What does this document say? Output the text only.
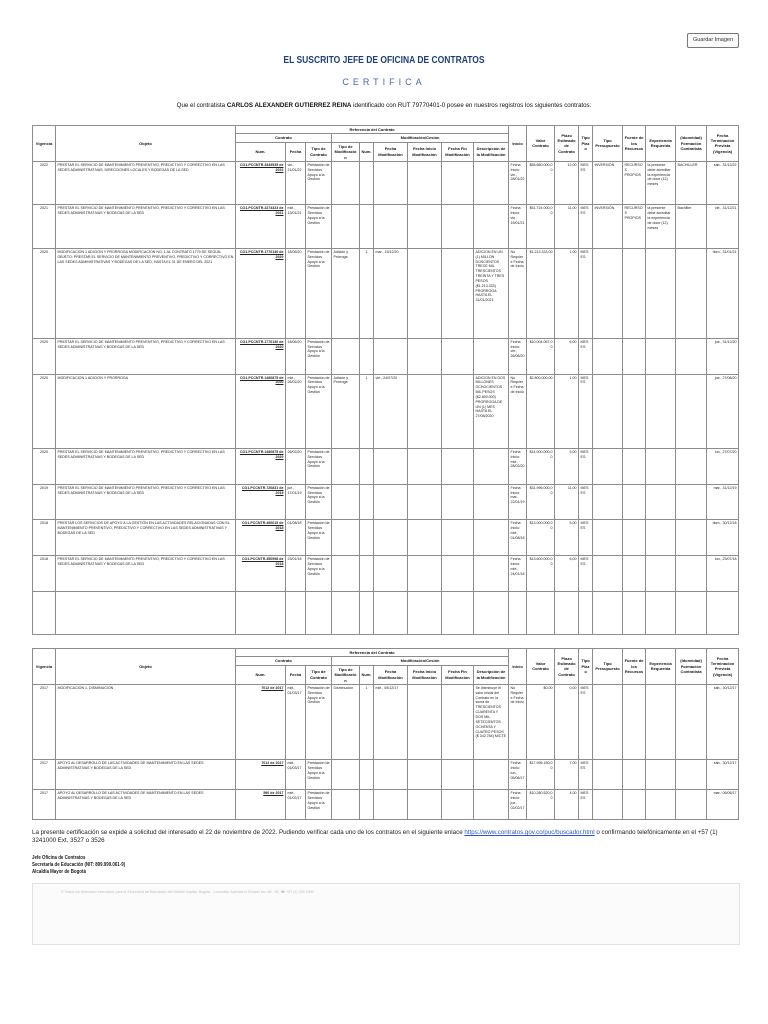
Guardar Imagen
EL SUSCRITO JEFE DE OFICINA DE CONTRATOS
CERTIFICA
Que el contratista CARLOS ALEXANDER GUTIERREZ REINA identificado con RUT 79770401-0 posee en nuestros registros los siguientes contratos:
Vigencia	Objeto	Referencia del Contrato									Inicio	Valor Contrato	Plazo Estimado de Contrato	Tipo Plazo	Tipo Presupuesto	Fuente de los Recursos	Experiencia Requerida	(Idoneidad) Formación Contratista	Fecha Terminación Prevista (Vigencia)
		Contrato			Modificación/Cesión														
		Num.	Fecha	Tipo de Contrato	Tipo de Modificación	Num.	Fecha Modificación	Fecha Inicio Modificación	Fecha Fin Modificación	Descripción de la Modificación									
2022	PRESTAR EL SERVICIO DE MANTENIMIENTO PREVENTIVO, PREDICTIVO Y CORRECTIVO EN LAS SEDES ADMINISTRATIVAS, DIRECCIONES LOCALES Y BODEGAS DE LA SED	CO1.PCCNTR.3349535 de 2022	vie., 21/01/22	Prestación de Servicios Apoyo a la Gestión							Fecha Inicio: vie., 28/01/22	$55.680.000,00	12,00	MESES	INVERSIÓN	RECURSOS PROPIOS	la presente debe acreditar la experiencia de doce (12) meses	BACHILLER	sáb., 31/12/22
2021	PRESTAR EL SERVICIO DE MANTENIMIENTO PREVENTIVO, PREDICTIVO Y CORRECTIVO EN LAS SEDES ADMINISTRATIVAS Y BODEGAS DE LA SED	CO1.PCCNTR.2274323 de 2021	mié., 13/01/21	Prestación de Servicios Apoyo a la Gestión							Fecha Inicio: vie., 15/01/21	$51.724.000,00	11,00	MESES	INVERSIÓN	RECURSOS PROPIOS	la presente debe acreditar la experiencia de doce (12) meses	Bachiller	vie., 31/12/21
2020	MODIFICACION 1 ADICION Y PRORROGA MODIFICACION NO. 1 AL CONTRATO 1779 DE SEGUN OBJETO: PRESTAR EL SERVICIO DE MANTENIMIENTO PREVENTIVO, PREDICTIVO Y CORRECTIVO EN LAS SEDES ADMINISTRATIVAS Y BODEGAS DE LA SED, HASTA EL 31 DE ENERO DEL 2021	CO1.PCCNTR.1776130 de 2020	18/06/20	Prestación de Servicios Apoyo a la Gestión	Adición y Prórroga	1	mar., 15/12/20			ADICION EN UN (1) MILLON DOSCIENTOS TRECE MIL TRESCIENTOS TREINTA Y TRES PESOS ($1.213.333) PRORROGA HASTA EL 31/01/2021	No Requiere Fecha de Inicio	$1.213.333,00	1,00	MESES					dom., 31/01/21
2020	PRESTAR EL SERVICIO DE MANTENIMIENTO PREVENTIVO, PREDICTIVO Y CORRECTIVO EN LAS SEDES ADMINISTRATIVAS Y BODEGAS DE LA SED	CO1.PCCNTR.1776130 de 2020	18/06/20	Prestación de Servicios Apoyo a la Gestión							Fecha Inicio: vie., 26/06/20	$10.004.067,00	6,00	MESES					jue., 31/12/20
2020	MODIFICACION 1 ADICION Y PRORROGA	CO1.PCCNTR.1480875 de 2020	mié., 26/02/20	Prestación de Servicios Apoyo a la Gestión	Adición y Prórroga	1	vie., 24/07/20			ADICION EN DOS MILLONES OCHOCIENTOS MIL PESOS ($2.800.000) PRORROGA DE UN (1) MES HASTA EL 27/08/2020	No Requiere Fecha de Inicio	$2.800.000,00	1,00	MESES					jue., 27/08/20
2020	PRESTAR EL SERVICIO DE MANTENIMIENTO PREVENTIVO, PREDICTIVO Y CORRECTIVO EN LAS SEDES ADMINISTRATIVAS Y BODEGAS DE LA SED	CO1.PCCNTR.1480875 de 2020	26/02/20	Prestación de Servicios Apoyo a la Gestión							Fecha Inicio: mié., 28/02/20	$14.000.000,00	5,00	MESES					lun., 27/07/20
2019	PRESTAR EL SERVICIO DE MANTENIMIENTO PREVENTIVO, PREDICTIVO Y CORRECTIVO EN LAS SEDES ADMINISTRATIVAS Y BODEGAS DE LA SED	CO1.PCCNTR.726831 de 2019	jue., 17/01/19	Prestación de Servicios Apoyo a la Gestión							Fecha Inicio: mar., 22/01/19	$31.996.000,00	11,00	MESES					mar., 31/12/19
2018	PRESTAR LOS SERVICIOS DE APOYO A LA GESTIÓN EN LAS ACTIVIDADES RELACIONADAS CON EL MANTENIMIENTO PREVENTIVO, PREDICTIVO Y CORRECTIVO EN LAS SEDES ADMINISTRATIVAS Y BODEGAS DE LA SED	CO1.PCCNTR.496615 de 2018	01/08/18	Prestación de Servicios Apoyo a la Gestión							Fecha Inicio: mié., 01/08/18	$13.000.000,00	5,00	MESES					dom., 30/12/18
2018	PRESTAR EL SERVICIO DE MANTENIMIENTO PREVENTIVO, PREDICTIVO Y CORRECTIVO EN LAS SEDES ADMINISTRATIVAS Y BODEGAS DE LA SED	CO1.PCCNTR.350598 de 2018	23/01/18	Prestación de Servicios Apoyo a la Gestión							Fecha Inicio: mié., 24/01/18	$13.600.000,00	6,00	MESES					lun., 23/07/18

Vigencia	Objeto	Referencia del Contrato									Inicio	Valor Contrato	Plazo Estimado de Contrato	Tipo Plazo	Tipo Presupuesto	Fuente de los Recursos	Experiencia Requerida	(Idoneidad) Formación Contratista	Fecha Terminación Prevista (Vigencia)
		Contrato			Modificación/Cesión														
		Num.	Fecha	Tipo de Contrato	Tipo de Modificación	Num.	Fecha Modificación	Fecha Inicio Modificación	Fecha Fin Modificación	Descripción de la Modificación									
2017	MODIFICACION 1, DISMINUCION	7012 de 2017	mié., 01/03/17	Prestación de Servicios Apoyo a la Gestión	Disminución	1	mié., 05/12/17			Se disminuye el valor inicial del Contrato en la suma de TRESCIENTOS CUARENTA Y DOS MIL SETECIENTOS OCHENTA Y CUATRO PESOS ($ 342.784) M/CTE	No Requiere Fecha de Inicio	$0,00	0,00	MESES					sáb., 30/12/17
2017	APOYO AL DESARROLLO DE LAS ACTIVIDADES DE MANTENIMIENTO EN LAS SEDES ADMINISTRATIVAS Y BODEGAS DE LA SED	7012 de 2017	mié., 01/03/17	Prestación de Servicios Apoyo a la Gestión							Fecha Inicio: lun., 05/06/17	$17.996.150,00	7,00	MESES					sáb., 30/12/17
2017	APOYO AL DESARROLLO DE LAS ACTIVIDADES DE MANTENIMIENTO EN LAS SEDES ADMINISTRATIVAS Y BODEGAS DE LA SED	590 de 2017	mié., 01/02/17	Prestación de Servicios Apoyo a la Gestión							Fecha Inicio: jue., 02/02/17	$10.280.520,00	4,00	MESES					mar., 06/06/17
La presente certificación se expide a solicitud del interesado el 22 de noviembre de 2022. Pudiendo verificar cada uno de los contratos en el siguiente enlace https://www.contratos.gov.co/puc/buscador.html o confirmando telefónicamente en el +57 (1) 3241000 Ext. 3527 o 3526
Jefe Oficina de Contratos
Secretaría de Educación (NIT: 899.999.061-9)
Alcaldía Mayor de Bogotá
© Todos los derechos reservados para la Secretaría de Educación del Distrito Capital. Bogotá - Colombia. Avenida el Dorado No. 66 - 63. ☎ +57 (1) 324 1000
